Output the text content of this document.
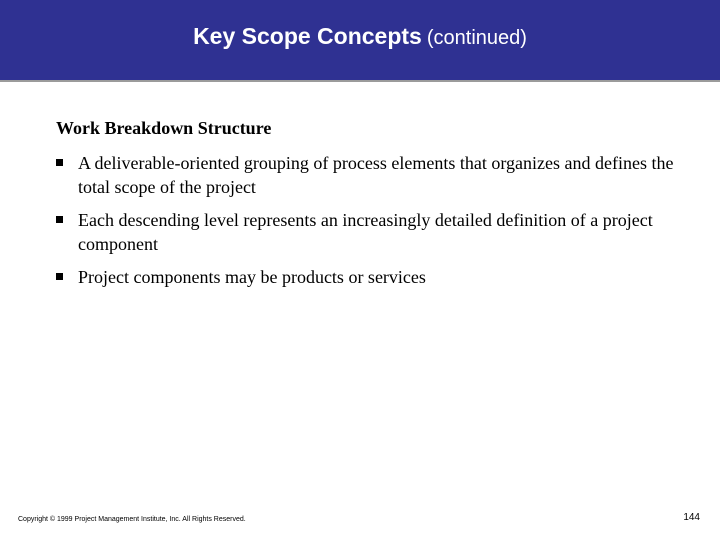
Key Scope Concepts (continued)
Work Breakdown Structure
A deliverable-oriented grouping of process elements that organizes and defines the total scope of the project
Each descending level represents an increasingly detailed definition of a project component
Project components may be products or services
Copyright © 1999 Project Management Institute, Inc. All Rights Reserved.	144
